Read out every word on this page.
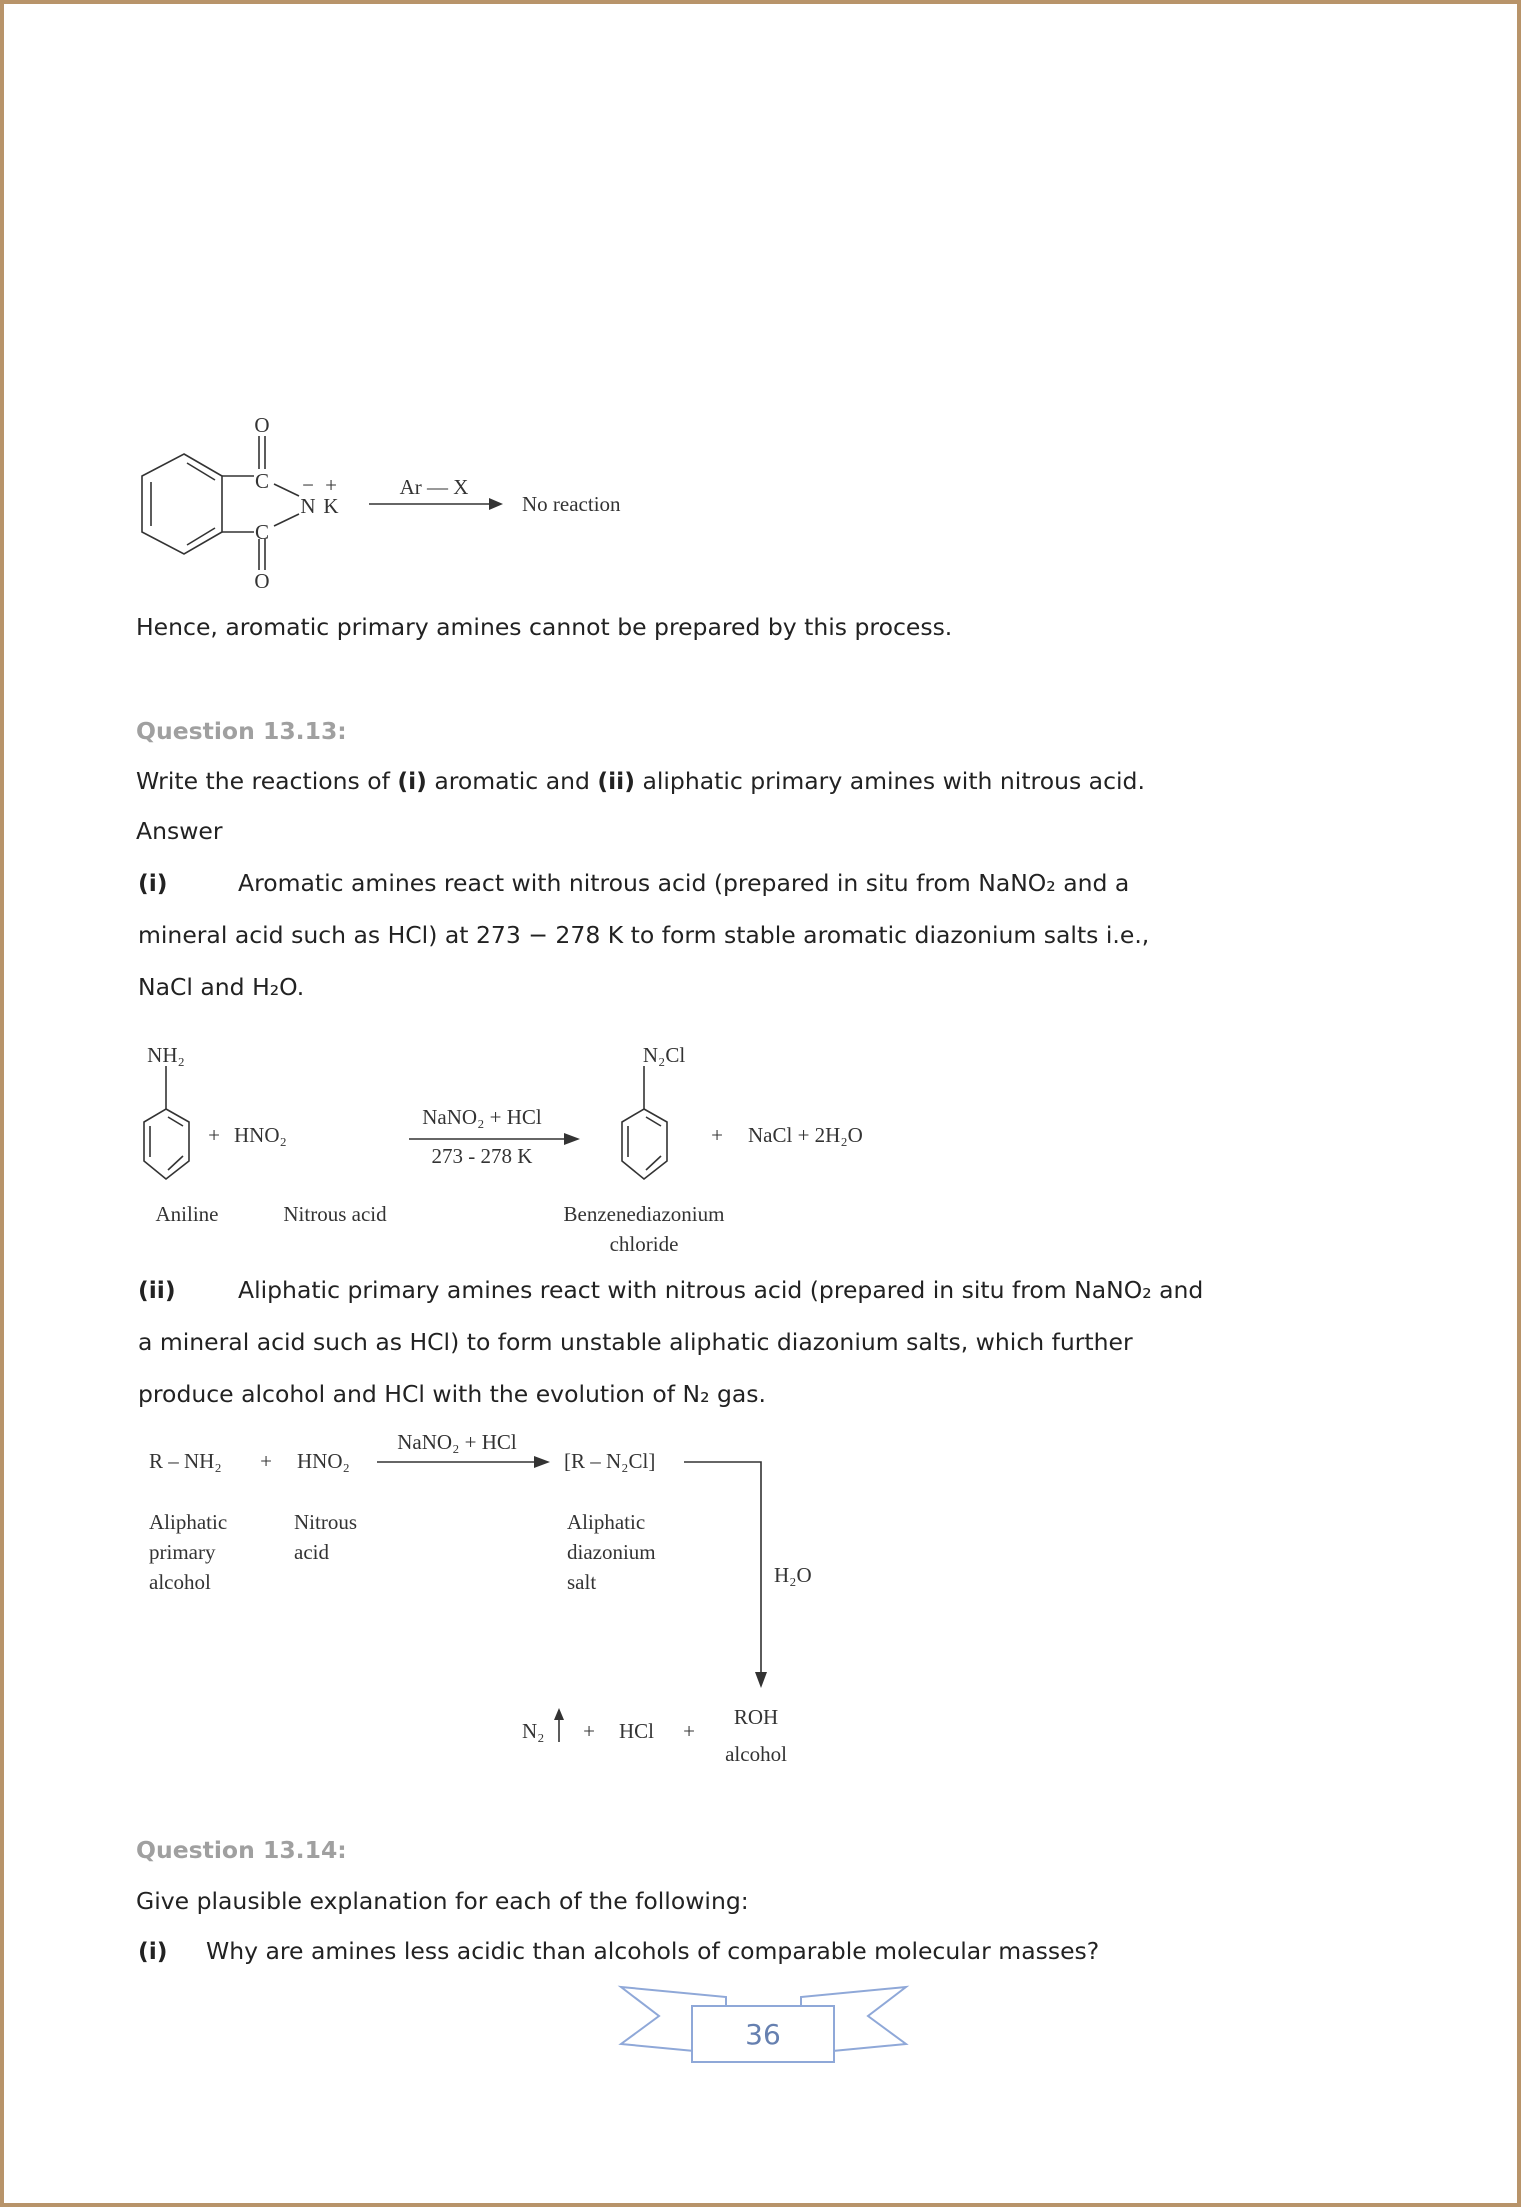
O
O
C
C
N
−
K
+	Ar — X
No reaction
Hence, aromatic primary amines cannot be prepared by this process.
Question 13.13:
Write the reactions of (i) aromatic and (ii) aliphatic primary amines with nitrous acid.
Answer
(i)	Aromatic amines react with nitrous acid (prepared in situ from NaNO₂ and a
mineral acid such as HCl) at 273 − 278 K to form stable aromatic diazonium salts i.e.,
NaCl and H₂O.
NH₂
+ HNO₂
NaNO₂ + HCl
273 - 278 K
N₂Cl
+ NaCl + 2H₂O
Aniline	Nitrous acid	Benzenediazonium
chloride
(ii)	Aliphatic primary amines react with nitrous acid (prepared in situ from NaNO₂ and
a mineral acid such as HCl) to form unstable aliphatic diazonium salts, which further
produce alcohol and HCl with the evolution of N₂ gas.
R – NH₂ + HNO₂
NaNO₂ + HCl
[R – N₂Cl]
H₂O
Aliphatic
primary
alcohol
Nitrous
acid
Aliphatic
diazonium
salt
N₂ + HCl +
ROH
alcohol
Question 13.14:
Give plausible explanation for each of the following:
(i) Why are amines less acidic than alcohols of comparable molecular masses?
36
